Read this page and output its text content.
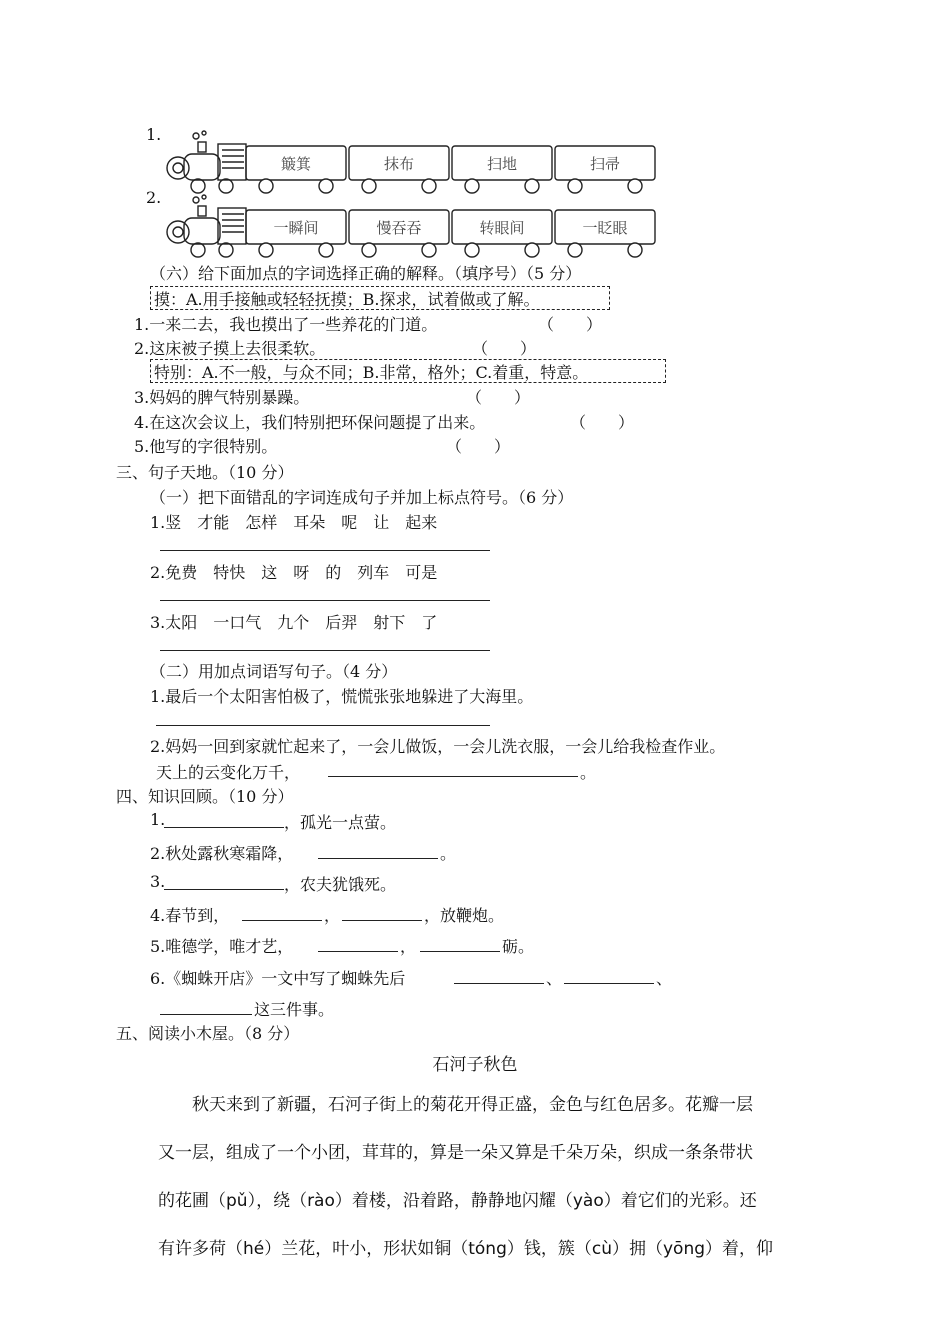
1.
簸箕	抹布	扫地	扫帚
2.
一瞬间	慢吞吞	转眼间	一眨眼
（六）给下面加点的字词选择正确的解释。（填序号）（5 分）
摸：A.用手接触或轻轻抚摸；B.探求，试着做或了解。
1.一来二去，我也摸出了一些养花的门道。	（　　）
2.这床被子摸上去很柔软。	（　　）
特别：A.不一般，与众不同；B.非常，格外；C.着重，特意。
3.妈妈的脾气特别暴躁。	（　　）
4.在这次会议上，我们特别把环保问题提了出来。	（　　）
5.他写的字很特别。	（　　）
三、句子天地。（10 分）
（一）把下面错乱的字词连成句子并加上标点符号。（6 分）
1.竖　才能　怎样　耳朵　呢　让　起来
2.免费　特快　这　呀　的　列车　可是
3.太阳　一口气　九个　后羿　射下　了
（二）用加点词语写句子。（4 分）
1.最后一个太阳害怕极了，慌慌张张地躲进了大海里。
2.妈妈一回到家就忙起来了，一会儿做饭，一会儿洗衣服，一会儿给我检查作业。
天上的云变化万千，	。
四、知识回顾。（10 分）
1.	，孤光一点萤。
2.秋处露秋寒霜降，	。
3.	，农夫犹饿死。
4.春节到，	，	，放鞭炮。
5.唯德学，唯才艺，	，	砺。
6.《蜘蛛开店》一文中写了蜘蛛先后	、	、
这三件事。
五、阅读小木屋。（8 分）
石河子秋色
秋天来到了新疆，石河子街上的菊花开得正盛，金色与红色居多。花瓣一层
又一层，组成了一个小团，茸茸的，算是一朵又算是千朵万朵，织成一条条带状
的花圃（pǔ），绕（rào）着楼，沿着路，静静地闪耀（yào）着它们的光彩。还
有许多荷（hé）兰花，叶小，形状如铜（tóng）钱，簇（cù）拥（yōng）着，仰
